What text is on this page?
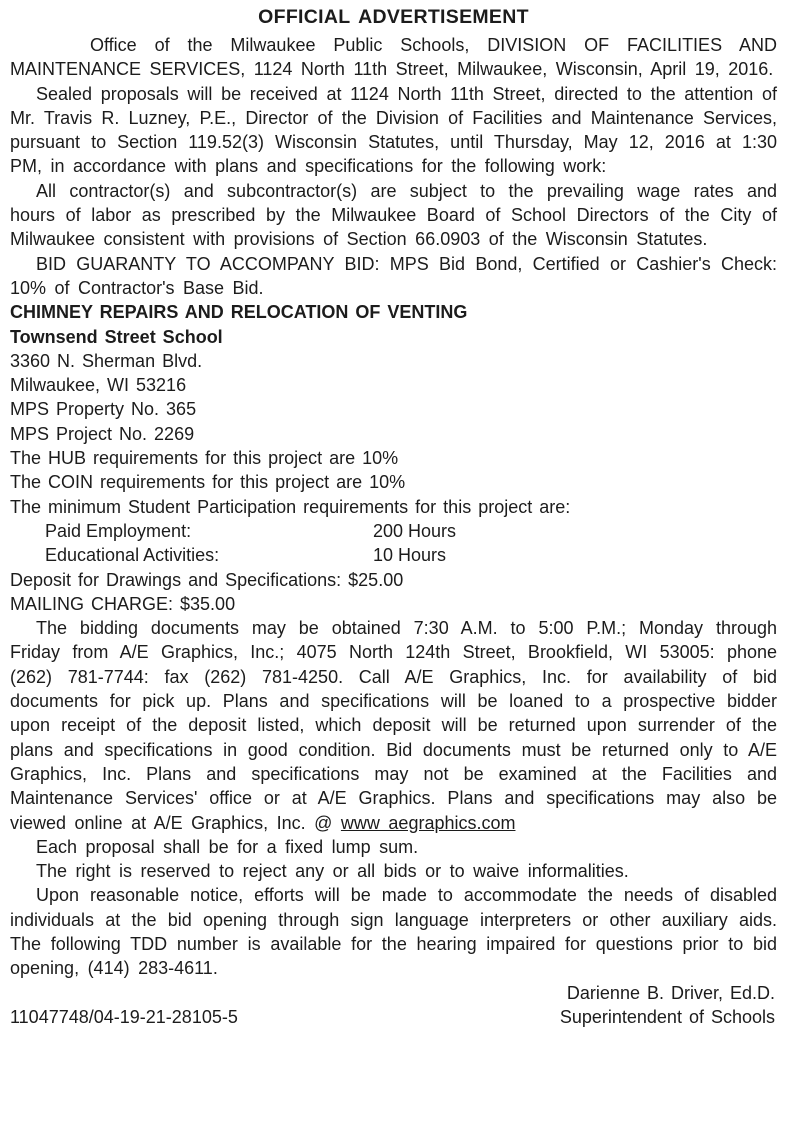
OFFICIAL ADVERTISEMENT

Office of the Milwaukee Public Schools, DIVISION OF FACILITIES AND MAINTENANCE SERVICES, 1124 North 11th Street, Milwaukee, Wisconsin, April 19, 2016.

Sealed proposals will be received at 1124 North 11th Street, directed to the attention of Mr. Travis R. Luzney, P.E., Director of the Division of Facilities and Maintenance Services, pursuant to Section 119.52(3) Wisconsin Statutes, until Thursday, May 12, 2016 at 1:30 PM, in accordance with plans and specifications for the following work:

All contractor(s) and subcontractor(s) are subject to the prevailing wage rates and hours of labor as prescribed by the Milwaukee Board of School Directors of the City of Milwaukee consistent with provisions of Section 66.0903 of the Wisconsin Statutes.

BID GUARANTY TO ACCOMPANY BID: MPS Bid Bond, Certified or Cashier's Check: 10% of Contractor's Base Bid.

CHIMNEY REPAIRS AND RELOCATION OF VENTING
Townsend Street School
3360 N. Sherman Blvd.
Milwaukee, WI 53216
MPS Property No. 365
MPS Project No. 2269
The HUB requirements for this project are 10%
The COIN requirements for this project are 10%
The minimum Student Participation requirements for this project are:
Paid Employment:	200 Hours
Educational Activities:	10 Hours
Deposit for Drawings and Specifications: $25.00
MAILING CHARGE: $35.00

The bidding documents may be obtained 7:30 A.M. to 5:00 P.M.; Monday through Friday from A/E Graphics, Inc.; 4075 North 124th Street, Brookfield, WI 53005: phone (262) 781-7744: fax (262) 781-4250. Call A/E Graphics, Inc. for availability of bid documents for pick up. Plans and specifications will be loaned to a prospective bidder upon receipt of the deposit listed, which deposit will be returned upon surrender of the plans and specifications in good condition. Bid documents must be returned only to A/E Graphics, Inc. Plans and specifications may not be examined at the Facilities and Maintenance Services' office or at A/E Graphics. Plans and specifications may also be viewed online at A/E Graphics, Inc. @ www aegraphics.com

Each proposal shall be for a fixed lump sum.

The right is reserved to reject any or all bids or to waive informalities.

Upon reasonable notice, efforts will be made to accommodate the needs of disabled individuals at the bid opening through sign language interpreters or other auxiliary aids. The following TDD number is available for the hearing impaired for questions prior to bid opening, (414) 283-4611.

Darienne B. Driver, Ed.D.
11047748/04-19-21-28105-5	Superintendent of Schools
